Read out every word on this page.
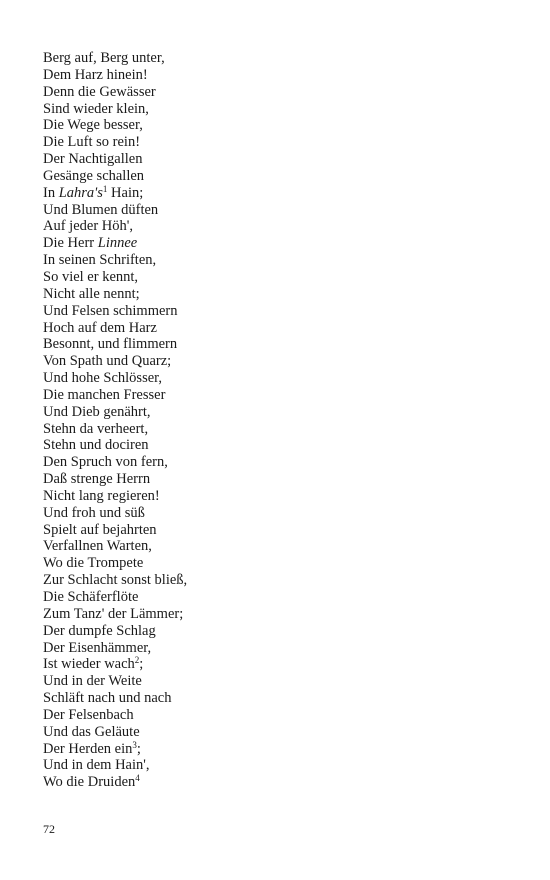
Berg auf, Berg unter,
Dem Harz hinein!
Denn die Gewässer
Sind wieder klein,
Die Wege besser,
Die Luft so rein!
Der Nachtigallen
Gesänge schallen
In $Lahra's^1$ Hain;
Und Blumen düften
Auf jeder Höh',
Die Herr Linnee
In seinen Schriften,
So viel er kennt,
Nicht alle nennt;
Und Felsen schimmern
Hoch auf dem Harz
Besonnt, und flimmern
Von Spath und Quarz;
Und hohe Schlösser,
Die manchen Fresser
Und Dieb genährt,
Stehn da verheert,
Stehn und dociren
Den Spruch von fern,
Daß strenge Herrn
Nicht lang regieren!
Und froh und süß
Spielt auf bejahrten
Verfallnen Warten,
Wo die Trompete
Zur Schlacht sonst bließ,
Die Schäferflöte
Zum Tanz' der Lämmer;
Der dumpfe Schlag
Der Eisenhämmer,
Ist wieder wach$^2$;
Und in der Weite
Schläft nach und nach
Der Felsenbach
Und das Geläute
Der Herden ein$^3$;
Und in dem Hain',
Wo die Druiden$^4$
72
